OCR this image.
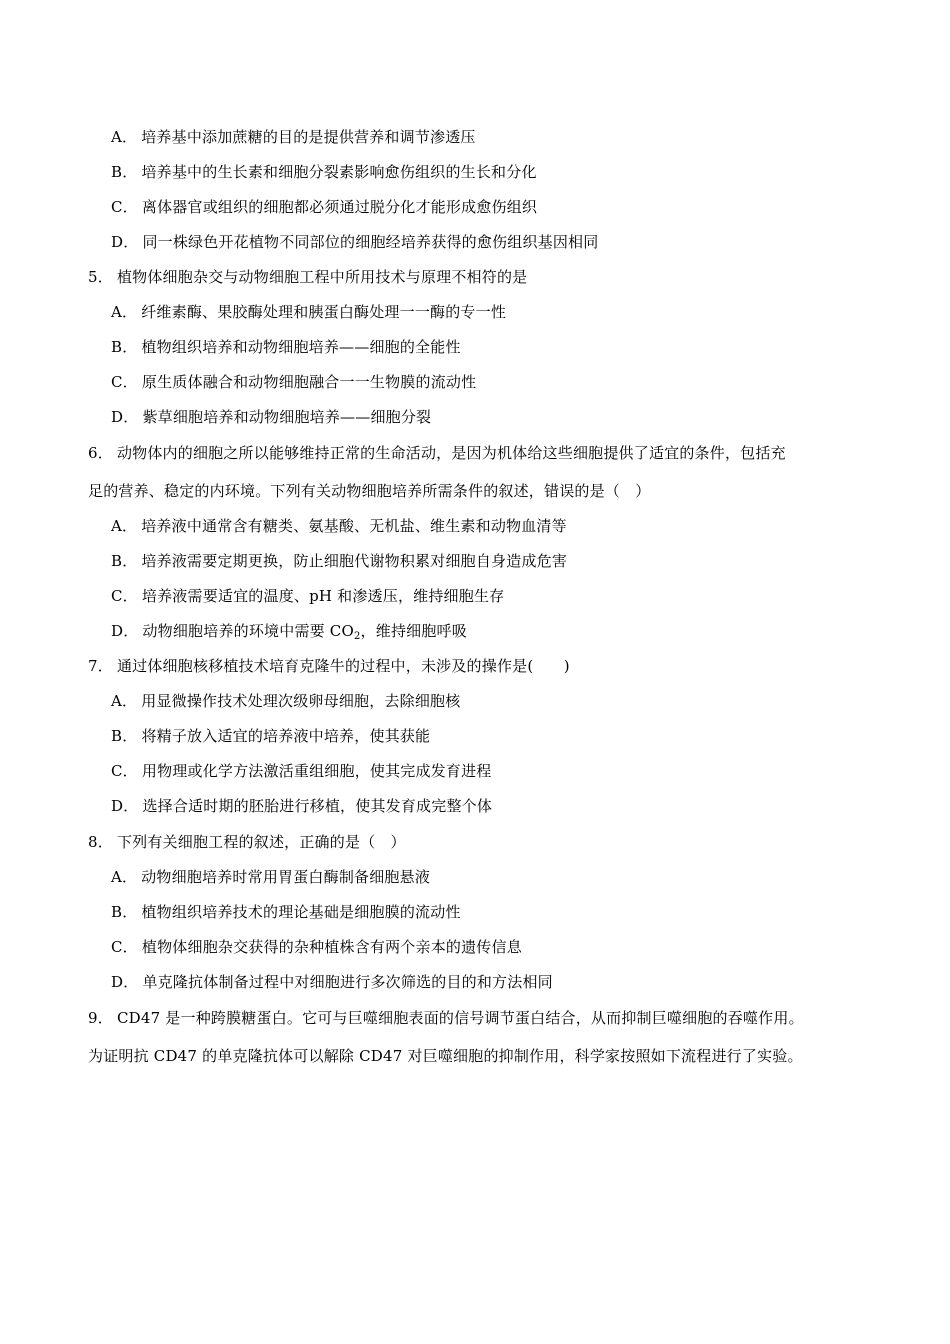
A． 培养基中添加蔗糖的目的是提供营养和调节渗透压
B． 培养基中的生长素和细胞分裂素影响愈伤组织的生长和分化
C． 离体器官或组织的细胞都必须通过脱分化才能形成愈伤组织
D． 同一株绿色开花植物不同部位的细胞经培养获得的愈伤组织基因相同
5． 植物体细胞杂交与动物细胞工程中所用技术与原理不相符的是
A． 纤维素酶、果胶酶处理和胰蛋白酶处理一一酶的专一性
B． 植物组织培养和动物细胞培养——细胞的全能性
C． 原生质体融合和动物细胞融合一一生物膜的流动性
D． 紫草细胞培养和动物细胞培养——细胞分裂
6． 动物体内的细胞之所以能够维持正常的生命活动，是因为机体给这些细胞提供了适宜的条件，包括充
足的营养、稳定的内环境。下列有关动物细胞培养所需条件的叙述，错误的是（　）
A． 培养液中通常含有糖类、氨基酸、无机盐、维生素和动物血清等
B． 培养液需要定期更换，防止细胞代谢物积累对细胞自身造成危害
C． 培养液需要适宜的温度、pH 和渗透压，维持细胞生存
D． 动物细胞培养的环境中需要 $CO_2$，维持细胞呼吸
7． 通过体细胞核移植技术培育克隆牛的过程中，未涉及的操作是(　　)
A． 用显微操作技术处理次级卵母细胞，去除细胞核
B． 将精子放入适宜的培养液中培养，使其获能
C． 用物理或化学方法激活重组细胞，使其完成发育进程
D． 选择合适时期的胚胎进行移植，使其发育成完整个体
8． 下列有关细胞工程的叙述，正确的是（　）
A． 动物细胞培养时常用胃蛋白酶制备细胞悬液
B． 植物组织培养技术的理论基础是细胞膜的流动性
C． 植物体细胞杂交获得的杂种植株含有两个亲本的遗传信息
D． 单克隆抗体制备过程中对细胞进行多次筛选的目的和方法相同
9． CD47 是一种跨膜糖蛋白。它可与巨噬细胞表面的信号调节蛋白结合，从而抑制巨噬细胞的吞噬作用。
为证明抗 CD47 的单克隆抗体可以解除 CD47 对巨噬细胞的抑制作用，科学家按照如下流程进行了实验。
